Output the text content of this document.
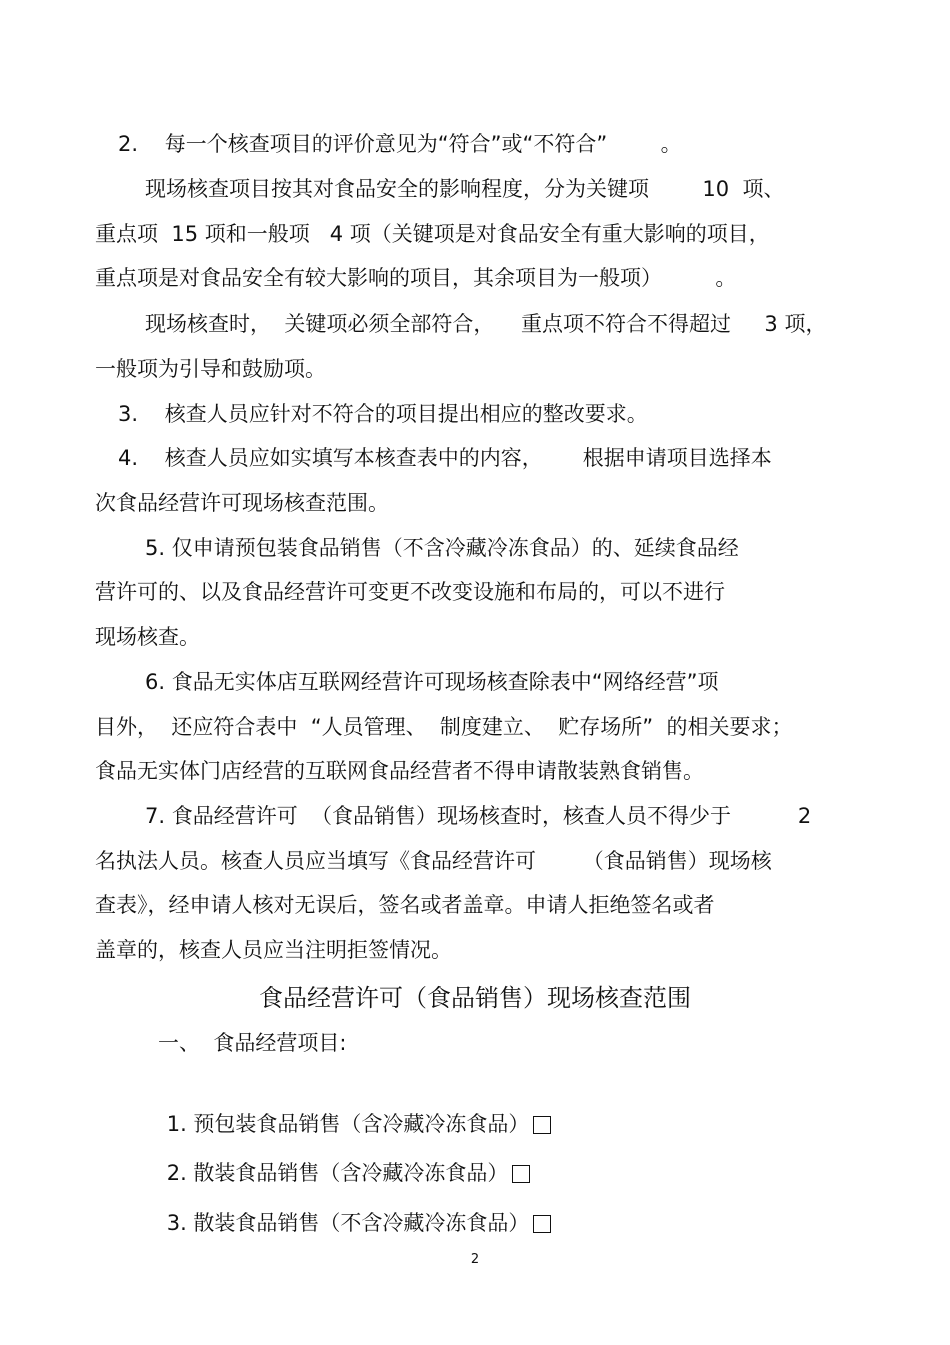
2.    每一个核查项目的评价意见为“符合”或“不符合”        。
现场核查项目按其对食品安全的影响程度，分为关键项        10  项、
重点项  15 项和一般项   4 项（关键项是对食品安全有重大影响的项目，
重点项是对食品安全有较大影响的项目，其余项目为一般项）        。
现场核查时，  关键项必须全部符合，    重点项不符合不得超过     3 项，
一般项为引导和鼓励项。
3.    核查人员应针对不符合的项目提出相应的整改要求。
4.    核查人员应如实填写本核查表中的内容，      根据申请项目选择本
次食品经营许可现场核查范围。
5. 仅申请预包装食品销售（不含冷藏冷冻食品）的、延续食品经
营许可的、以及食品经营许可变更不改变设施和布局的，可以不进行
现场核查。
6. 食品无实体店互联网经营许可现场核查除表中“网络经营”项
目外，  还应符合表中  “人员管理、  制度建立、  贮存场所”  的相关要求；
食品无实体门店经营的互联网食品经营者不得申请散装熟食销售。
7. 食品经营许可  （食品销售）现场核查时，核查人员不得少于          2
名执法人员。核查人员应当填写《食品经营许可       （食品销售）现场核
查表》，经申请人核对无误后，签名或者盖章。申请人拒绝签名或者
盖章的，核查人员应当注明拒签情况。
食品经营许可（食品销售）现场核查范围
一、  食品经营项目:

1. 预包装食品销售（含冷藏冷冻食品）

2. 散装食品销售（含冷藏冷冻食品）

3. 散装食品销售（不含冷藏冷冻食品）

2
